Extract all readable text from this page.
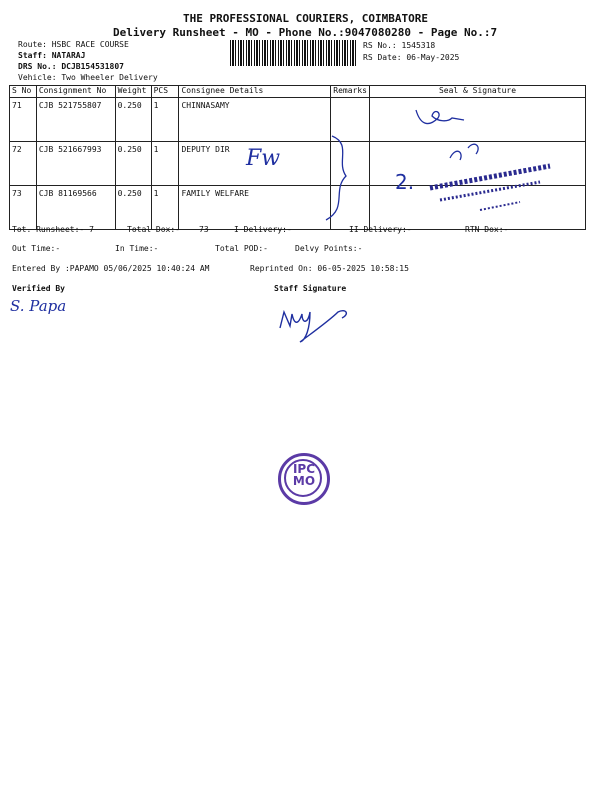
THE PROFESSIONAL COURIERS, COIMBATORE
Delivery Runsheet - MO - Phone No.:9047080280 - Page No.:7
Route: HSBC RACE COURSE
Staff: NATARAJ
DRS No.: DCJB154531807
Vehicle: Two Wheeler Delivery
RS No.: 1545318
RS Date: 06-May-2025
S No	Consignment No	Weight	PCS	Consignee Details	Remarks	Seal & Signature
71	CJB 521755807	0.250	1	CHINNASAMY		
72	CJB 521667993	0.250	1	DEPUTY DIR		
73	CJB 81169566	0.250	1	FAMILY WELFARE		
Fw
2.
Tot. Runsheet:- 7	Total Dox:- 73	I Delivery:-	II Delivery:-	RTN Dox:-
Out Time:-	In Time:-	Total POD:-	Delvy Points:-
Entered By :PAPAMO 05/06/2025 10:40:24 AM	Reprinted On: 06-05-2025 10:58:15
Verified By	Staff Signature
S. Papa
IPC
MO
